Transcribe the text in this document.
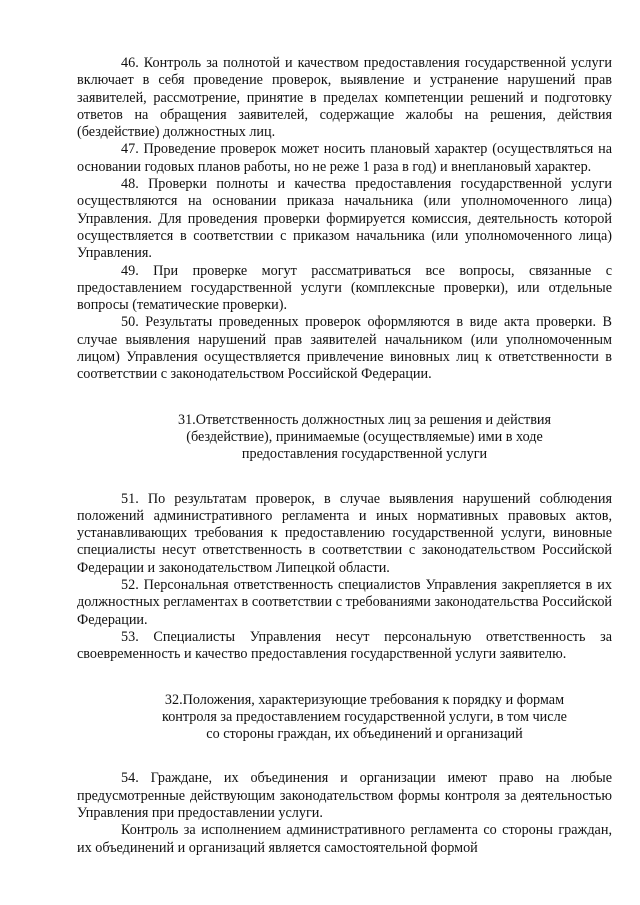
46. Контроль за полнотой и качеством предоставления государственной услуги включает в себя проведение проверок, выявление и устранение нарушений прав заявителей, рассмотрение, принятие в пределах компетенции решений и подготовку ответов на обращения заявителей, содержащие жалобы на решения, действия (бездействие) должностных лиц.

47. Проведение проверок может носить плановый характер (осуществляться на основании годовых планов работы, но не реже 1 раза в год) и внеплановый характер.

48. Проверки полноты и качества предоставления государственной услуги осуществляются на основании приказа начальника (или уполномоченного лица) Управления. Для проведения проверки формируется комиссия, деятельность которой осуществляется в соответствии с приказом начальника (или уполномоченного лица) Управления.

49. При проверке могут рассматриваться все вопросы, связанные с предоставлением государственной услуги (комплексные проверки), или отдельные вопросы (тематические проверки).

50. Результаты проведенных проверок оформляются в виде акта проверки. В случае выявления нарушений прав заявителей начальником (или уполномоченным лицом) Управления осуществляется привлечение виновных лиц к ответственности в соответствии с законодательством Российской Федерации.

31.Ответственность должностных лиц за решения и действия
(бездействие), принимаемые (осуществляемые) ими в ходе
предоставления государственной услуги

51. По результатам проверок, в случае выявления нарушений соблюдения положений административного регламента и иных нормативных правовых актов, устанавливающих требования к предоставлению государственной услуги, виновные специалисты несут ответственность в соответствии с законодательством Российской Федерации и законодательством Липецкой области.

52. Персональная ответственность специалистов Управления закрепляется в их должностных регламентах в соответствии с требованиями законодательства Российской Федерации.

53. Специалисты Управления несут персональную ответственность за своевременность и качество предоставления государственной услуги заявителю.

32.Положения, характеризующие требования к порядку и формам
контроля за предоставлением государственной услуги, в том числе
со стороны граждан, их объединений и организаций

54. Граждане, их объединения и организации имеют право на любые предусмотренные действующим законодательством формы контроля за деятельностью Управления при предоставлении услуги.

Контроль за исполнением административного регламента со стороны граждан, их объединений и организаций является самостоятельной формой
